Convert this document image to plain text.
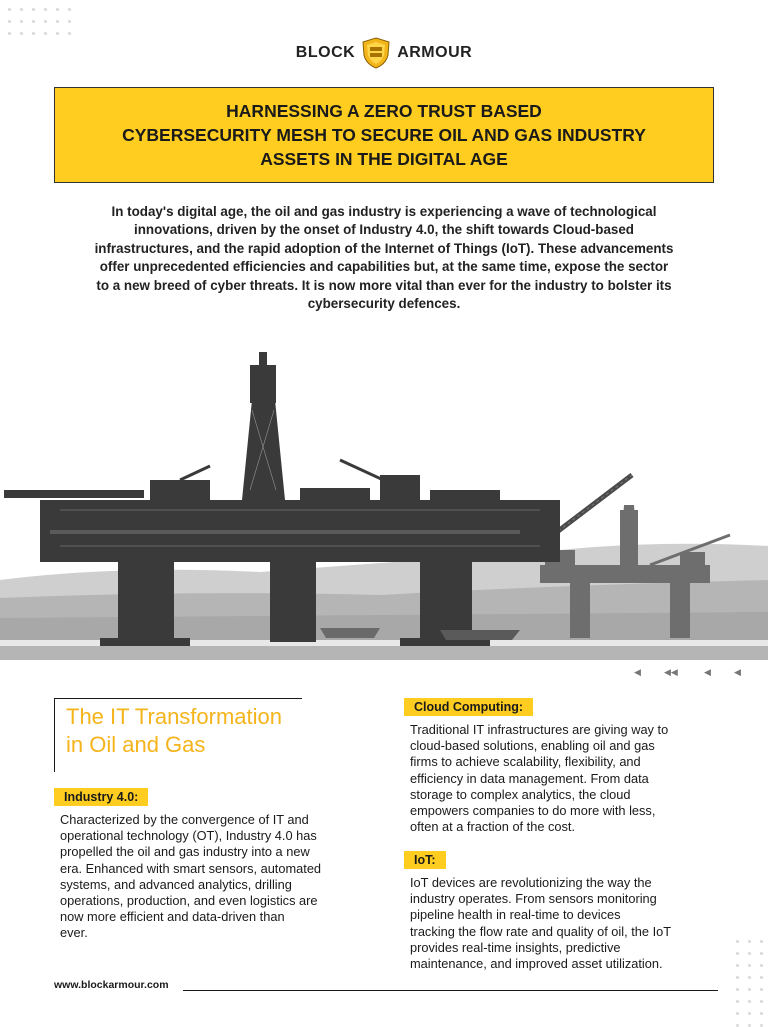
BLOCK	ARMOUR
HARNESSING A ZERO TRUST BASED
CYBERSECURITY MESH TO SECURE OIL AND GAS INDUSTRY
ASSETS IN THE DIGITAL AGE

In today's digital age, the oil and gas industry is experiencing a wave of technological

innovations, driven by the onset of Industry 4.0, the shift towards Cloud-based

infrastructures, and the rapid adoption of the Internet of Things (IoT). These advancements

offer unprecedented efficiencies and capabilities but, at the same time, expose the sector

to a new breed of cyber threats. It is now more vital than ever for the industry to bolster its

cybersecurity defences.

◀	◀◀	◀	◀
The IT Transformation
in Oil and Gas
Industry 4.0:

Characterized by the convergence of IT and

operational technology (OT), Industry 4.0 has

propelled the oil and gas industry into a new

era. Enhanced with smart sensors, automated

systems, and advanced analytics, drilling

operations, production, and even logistics are

now more efficient and data-driven than

ever.

Cloud Computing:

Traditional IT infrastructures are giving way to

cloud-based solutions, enabling oil and gas

firms to achieve scalability, flexibility, and

efficiency in data management. From data

storage to complex analytics, the cloud

empowers companies to do more with less,

often at a fraction of the cost.

IoT:

IoT devices are revolutionizing the way the

industry operates. From sensors monitoring

pipeline health in real-time to devices

tracking the flow rate and quality of oil, the IoT

provides real-time insights, predictive

maintenance, and improved asset utilization.

www.blockarmour.com
